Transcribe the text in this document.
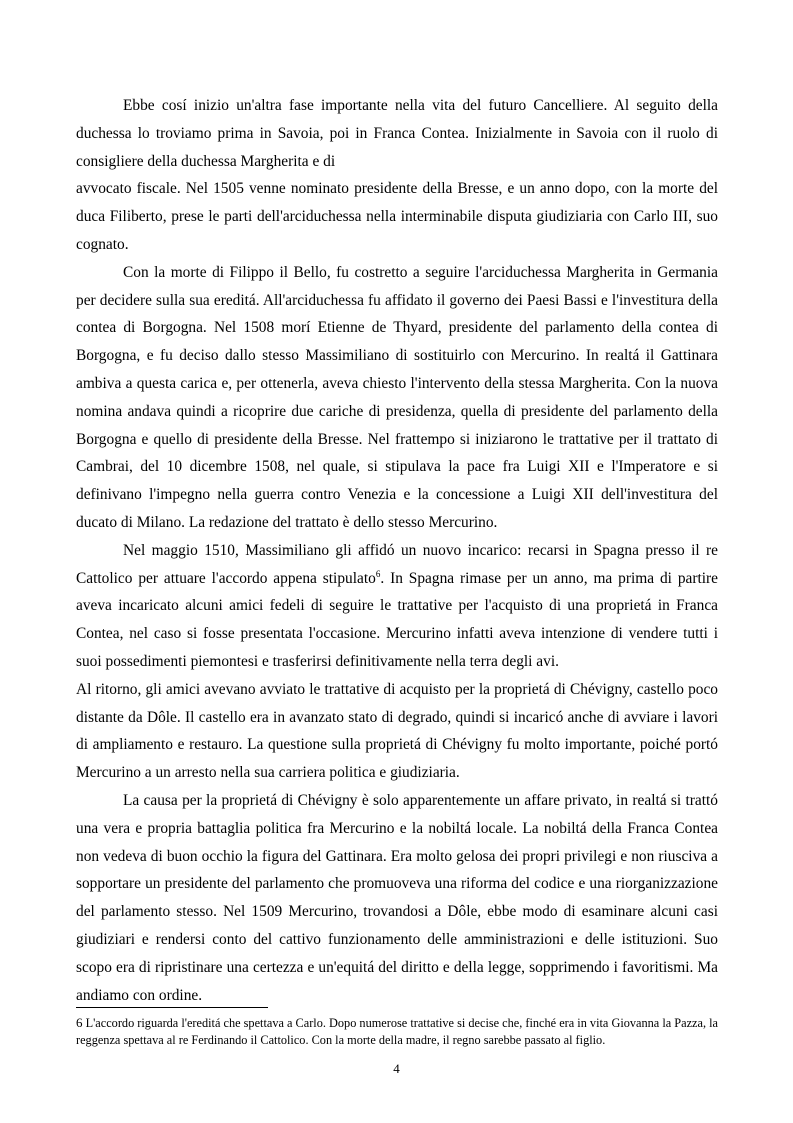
Ebbe cosí inizio un'altra fase importante nella vita del futuro Cancelliere. Al seguito della duchessa lo troviamo prima in Savoia, poi in Franca Contea. Inizialmente in Savoia con il ruolo di consigliere della duchessa Margherita e di

avvocato fiscale. Nel 1505 venne nominato presidente della Bresse, e un anno dopo, con la morte del duca Filiberto, prese le parti dell'arciduchessa nella interminabile disputa giudiziaria con Carlo III, suo cognato.

Con la morte di Filippo il Bello, fu costretto a seguire l'arciduchessa Margherita in Germania per decidere sulla sua ereditá. All'arciduchessa fu affidato il governo dei Paesi Bassi e l'investitura della contea di Borgogna. Nel 1508 morí Etienne de Thyard, presidente del parlamento della contea di Borgogna, e fu deciso dallo stesso Massimiliano di sostituirlo con Mercurino. In realtá il Gattinara ambiva a questa carica e, per ottenerla, aveva chiesto l'intervento della stessa Margherita. Con la nuova nomina andava quindi a ricoprire due cariche di presidenza, quella di presidente del parlamento della Borgogna e quello di presidente della Bresse. Nel frattempo si iniziarono le trattative per il trattato di Cambrai, del 10 dicembre 1508, nel quale, si stipulava la pace fra Luigi XII e l'Imperatore e si definivano l'impegno nella guerra contro Venezia e la concessione a Luigi XII dell'investitura del ducato di Milano. La redazione del trattato è dello stesso Mercurino.

Nel maggio 1510, Massimiliano gli affidó un nuovo incarico: recarsi in Spagna presso il re Cattolico per attuare l'accordo appena stipulato$^6$. In Spagna rimase per un anno, ma prima di partire aveva incaricato alcuni amici fedeli di seguire le trattative per l'acquisto di una proprietá in Franca Contea, nel caso si fosse presentata l'occasione. Mercurino infatti aveva intenzione di vendere tutti i suoi possedimenti piemontesi e trasferirsi definitivamente nella terra degli avi.

Al ritorno, gli amici avevano avviato le trattative di acquisto per la proprietá di Chévigny, castello poco distante da Dôle. Il castello era in avanzato stato di degrado, quindi si incaricó anche di avviare i lavori di ampliamento e restauro. La questione sulla proprietá di Chévigny fu molto importante, poiché portó Mercurino a un arresto nella sua carriera politica e giudiziaria.

La causa per la proprietá di Chévigny è solo apparentemente un affare privato, in realtá si trattó una vera e propria battaglia politica fra Mercurino e la nobiltá locale. La nobiltá della Franca Contea non vedeva di buon occhio la figura del Gattinara. Era molto gelosa dei propri privilegi e non riusciva a sopportare un presidente del parlamento che promuoveva una riforma del codice e una riorganizzazione del parlamento stesso. Nel 1509 Mercurino, trovandosi a Dôle, ebbe modo di esaminare alcuni casi giudiziari e rendersi conto del cattivo funzionamento delle amministrazioni e delle istituzioni. Suo scopo era di ripristinare una certezza e un'equitá del diritto e della legge, sopprimendo i favoritismi. Ma andiamo con ordine.

6 L'accordo riguarda l'ereditá che spettava a Carlo. Dopo numerose trattative si decise che, finché era in vita Giovanna la Pazza, la reggenza spettava al re Ferdinando il Cattolico. Con la morte della madre, il regno sarebbe passato al figlio.
4
